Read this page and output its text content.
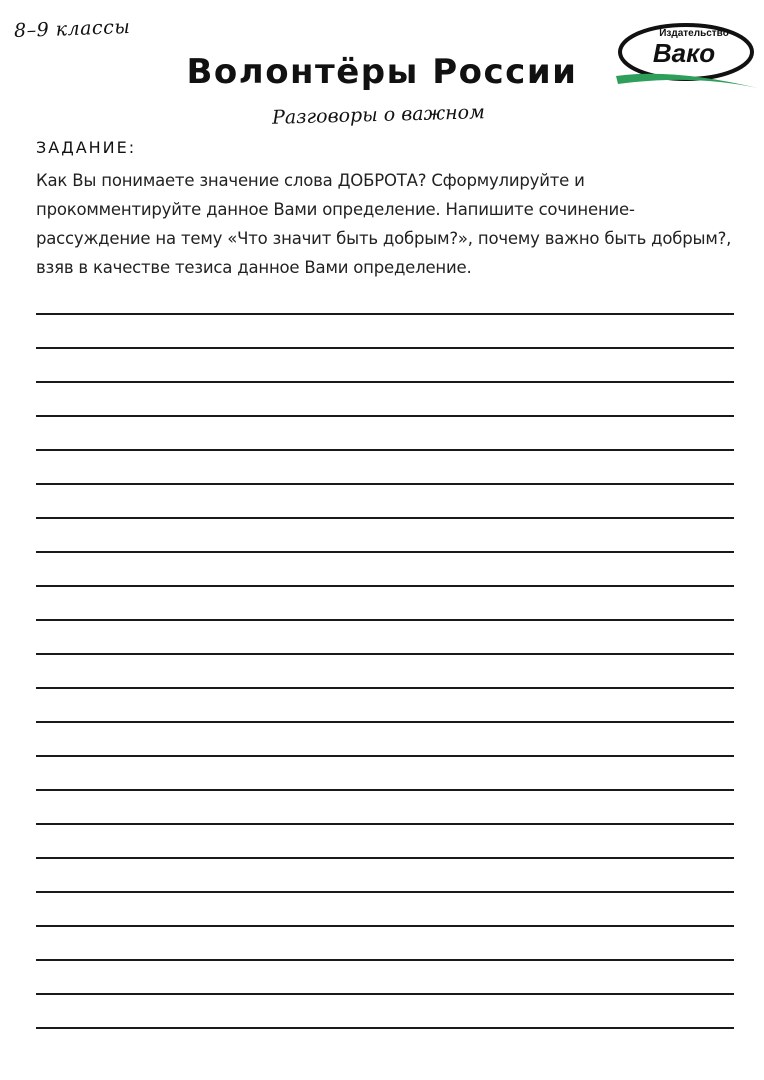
8–9 классы
Волонтёры России
Разговоры о важном
Издательство
Вако
ЗАДАНИЕ:
Как Вы понимаете значение слова ДОБРОТА? Сформулируйте и прокомментируйте данное Вами определение. Напишите сочинение-рассуждение на тему «Что значит быть добрым?», почему важно быть добрым?, взяв в качестве тезиса данное Вами определение.
